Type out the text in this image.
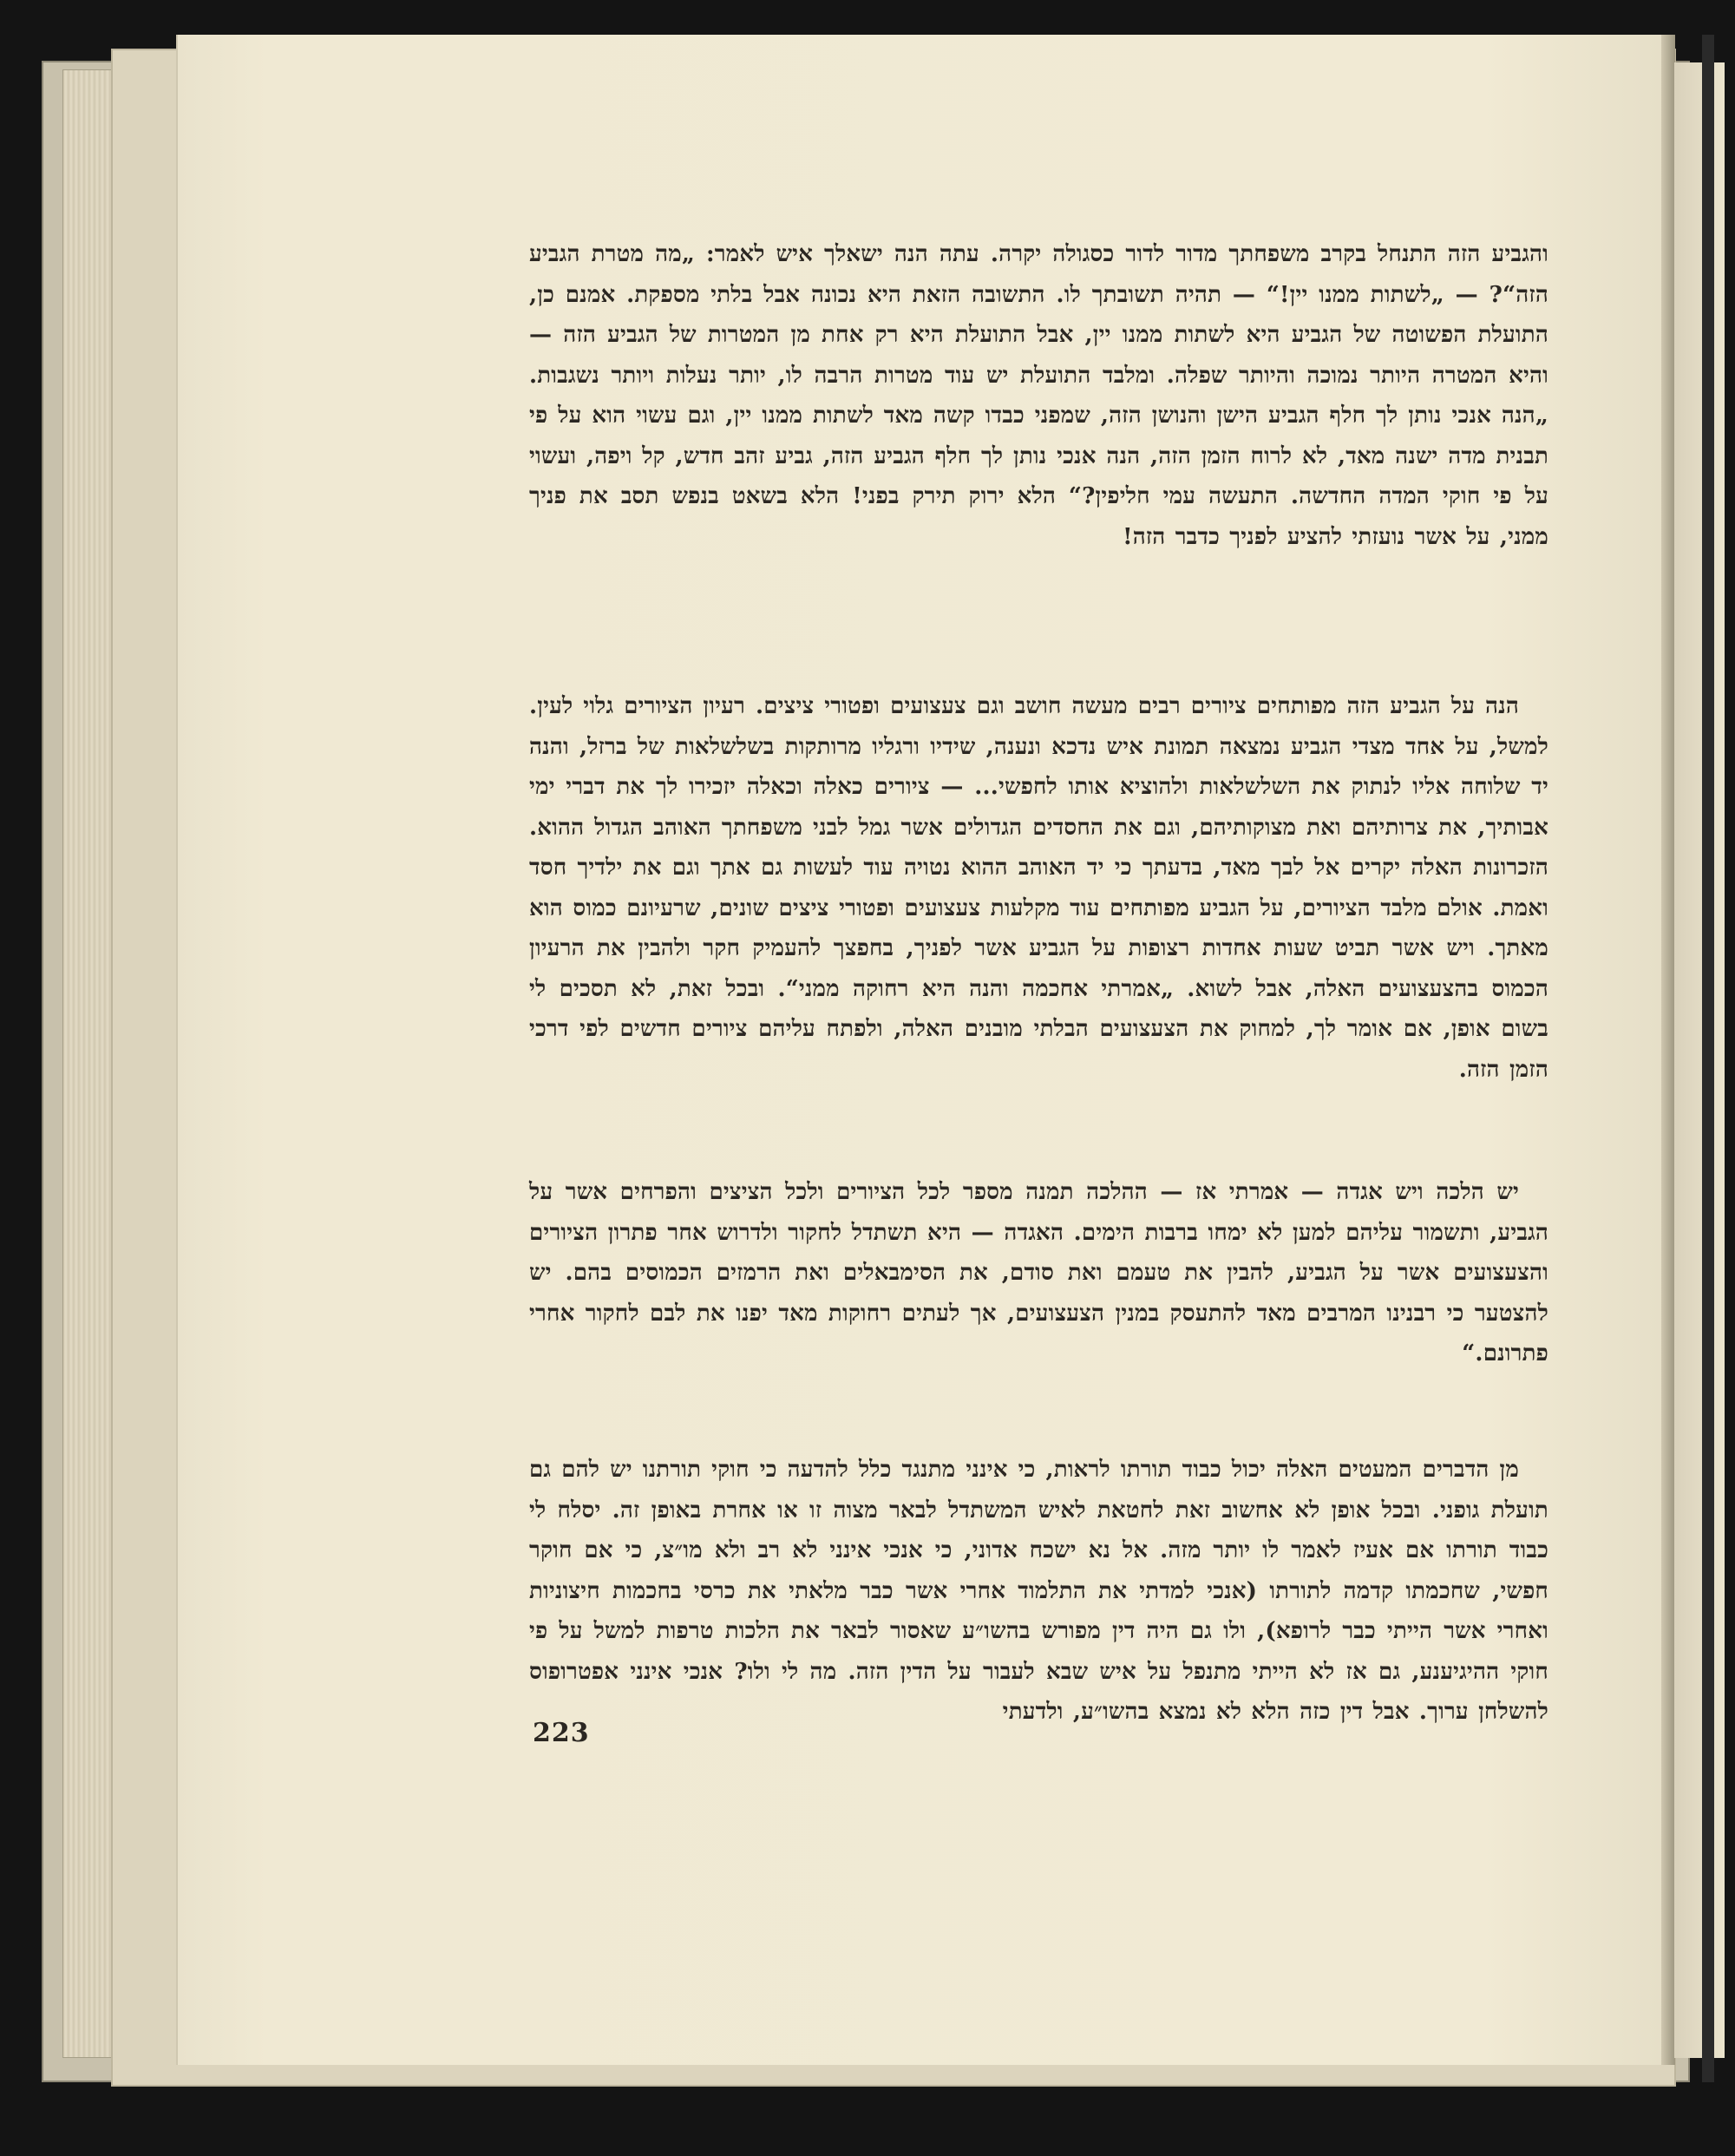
והגביע הזה התנחל בקרב משפחתך מדור לדור כסגולה יקרה. עתה הנה ישאלך איש לאמר: „מה מטרת הגביע הזה“? — „לשתות ממנו יין!“ — תהיה תשובתך לו. התשובה הזאת היא נכונה אבל בלתי מספקת. אמנם כן, התועלת הפשוטה של הגביע היא לשתות ממנו יין, אבל התועלת היא רק אחת מן המטרות של הגביע הזה — והיא המטרה היותר נמוכה והיותר שפלה. ומלבד התועלת יש עוד מטרות הרבה לו, יותר נעלות ויותר נשגבות. „הנה אנכי נותן לך חלף הגביע הישן והנושן הזה, שמפני כבדו קשה מאד לשתות ממנו יין, וגם עשוי הוא על פי תבנית מדה ישנה מאד, לא לרוח הזמן הזה, הנה אנכי נותן לך חלף הגביע הזה, גביע זהב חדש, קל ויפה, ועשוי על פי חוקי המדה החדשה. התעשה עמי חליפין?“ הלא ירוק תירק בפני! הלא בשאט בנפש תסב את פניך ממני, על אשר נועזתי להציע לפניך כדבר הזה!

הנה על הגביע הזה מפותחים ציורים רבים מעשה חושב וגם צעצועים ופטורי ציצים. רעיון הציורים גלוי לעין. למשל, על אחד מצדי הגביע נמצאה תמונת איש נדכא ונענה, שידיו ורגליו מרותקות בשלשלאות של ברזל, והנה יד שלוחה אליו לנתוק את השלשלאות ולהוציא אותו לחפשי... — ציורים כאלה וכאלה יזכירו לך את דברי ימי אבותיך, את צרותיהם ואת מצוקותיהם, וגם את החסדים הגדולים אשר גמל לבני משפחתך האוהב הגדול ההוא. הזכרונות האלה יקרים אל לבך מאד, בדעתך כי יד האוהב ההוא נטויה עוד לעשות גם אתך וגם את ילדיך חסד ואמת. אולם מלבד הציורים, על הגביע מפותחים עוד מקלעות צעצועים ופטורי ציצים שונים, שרעיונם כמוס הוא מאתך. ויש אשר תביט שעות אחדות רצופות על הגביע אשר לפניך, בחפצך להעמיק חקר ולהבין את הרעיון הכמוס בהצעצועים האלה, אבל לשוא. „אמרתי אחכמה והנה היא רחוקה ממני“. ובכל זאת, לא תסכים לי בשום אופן, אם אומר לך, למחוק את הצעצועים הבלתי מובנים האלה, ולפתח עליהם ציורים חדשים לפי דרכי הזמן הזה.

יש הלכה ויש אגדה — אמרתי אז — ההלכה תמנה מספר לכל הציורים ולכל הציצים והפרחים אשר על הגביע, ותשמור עליהם למען לא ימחו ברבות הימים. האגדה — היא תשתדל לחקור ולדרוש אחר פתרון הציורים והצעצועים אשר על הגביע, להבין את טעמם ואת סודם, את הסימבאלים ואת הרמזים הכמוסים בהם. יש להצטער כי רבנינו המרבים מאד להתעסק במנין הצעצועים, אך לעתים רחוקות מאד יפנו את לבם לחקור אחרי פתרונם.“

מן הדברים המעטים האלה יכול כבוד תורתו לראות, כי אינני מתנגד כלל להדעה כי חוקי תורתנו יש להם גם תועלת גופני. ובכל אופן לא אחשוב זאת לחטאת לאיש המשתדל לבאר מצוה זו או אחרת באופן זה. יסלח לי כבוד תורתו אם אעיז לאמר לו יותר מזה. אל נא ישכח אדוני, כי אנכי אינני לא רב ולא מו״צ, כי אם חוקר חפשי, שחכמתו קדמה לתורתו (אנכי למדתי את התלמוד אחרי אשר כבר מלאתי את כרסי בחכמות חיצוניות ואחרי אשר הייתי כבר לרופא), ולו גם היה דין מפורש בהשו״ע שאסור לבאר את הלכות טרפות למשל על פי חוקי ההיגיענע, גם אז לא הייתי מתנפל על איש שבא לעבור על הדין הזה. מה לי ולו? אנכי אינני אפטרופוס להשלחן ערוך. אבל דין כזה הלא לא נמצא בהשו״ע, ולדעתי

223
